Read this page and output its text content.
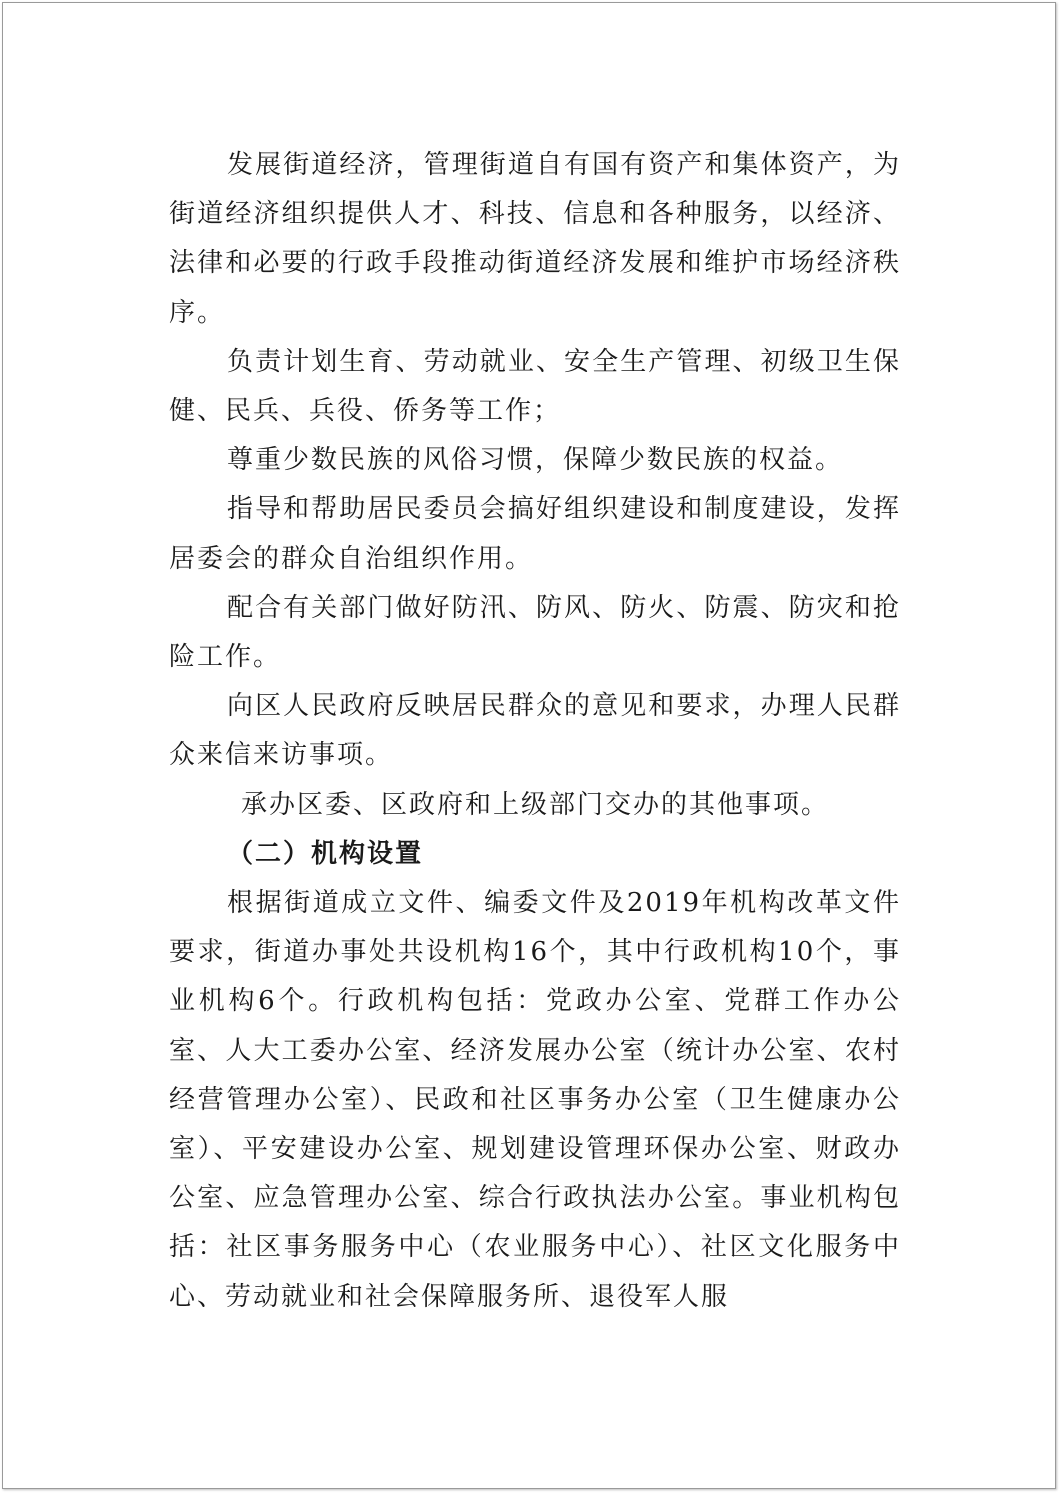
发展街道经济，管理街道自有国有资产和集体资产，为街道经济组织提供人才、科技、信息和各种服务，以经济、法律和必要的行政手段推动街道经济发展和维护市场经济秩序。

负责计划生育、劳动就业、安全生产管理、初级卫生保健、民兵、兵役、侨务等工作；

尊重少数民族的风俗习惯，保障少数民族的权益。

指导和帮助居民委员会搞好组织建设和制度建设，发挥居委会的群众自治组织作用。

配合有关部门做好防汛、防风、防火、防震、防灾和抢险工作。

向区人民政府反映居民群众的意见和要求，办理人民群众来信来访事项。

承办区委、区政府和上级部门交办的其他事项。

（二）机构设置

根据街道成立文件、编委文件及2019年机构改革文件要求，街道办事处共设机构16个，其中行政机构10个，事业机构6个。行政机构包括：党政办公室、党群工作办公室、人大工委办公室、经济发展办公室（统计办公室、农村经营管理办公室）、民政和社区事务办公室（卫生健康办公室）、平安建设办公室、规划建设管理环保办公室、财政办公室、应急管理办公室、综合行政执法办公室。事业机构包括：社区事务服务中心（农业服务中心）、社区文化服务中心、劳动就业和社会保障服务所、退役军人服
